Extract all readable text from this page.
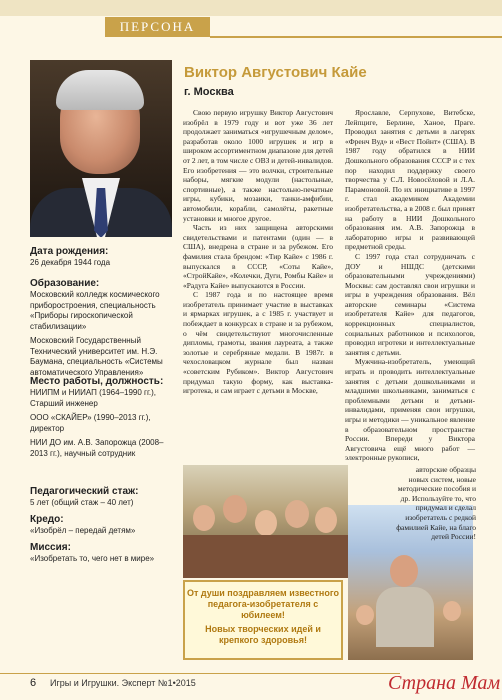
ПЕРСОНА
Виктор Августович Кайе
г. Москва
Дата рождения:
26 декабря 1944 года
Образование:
Московский колледж космического приборостроения, специальность «Приборы гироскопической стабилизации»
Московский Государственный Технический университет им. Н.Э. Баумана, специальность «Системы автоматического Управления»
Место работы, должность:
НИИПМ и НИИАП (1964–1990 гг.), Старший инженер
ООО «СКАЙЕР» (1990–2013 гг.), директор
НИИ ДО им. А.В. Запорожца (2008–2013 гг.), научный сотрудник
Педагогический стаж:
5 лет (общий стаж – 40 лет)
Кредо:
«Изобрёл – передай детям»
Миссия:
«Изобретать то, чего нет в мире»

Свою первую игрушку Виктор Августович изобрёл в 1979 году и вот уже 36 лет продолжает заниматься «игрушечным делом», разработав около 1000 игрушек и игр в широком ассортиментном диапазоне для детей от 2 лет, в том числе с ОВЗ и детей-инвалидов. Его изобретения — это волчки, строительные наборы, мягкие модули (настольные, спортивные), а также настольно-печатные игры, кубики, мозаики, танки-амфибии, автомобили, корабли, самолёты, ракетные установки и многое другое.

Часть из них защищена авторскими свидетельствами и патентами (один — в США), внедрена в стране и за рубежом. Его фамилия стала брендом: «Тир Кайе» с 1986 г. выпускался в СССР, «Соты Кайе», «СтройКайе», «Колечки, Дуги, Ромбы Кайе» и «Радуга Кайе» выпускаются в России.

С 1987 года и по настоящее время изобретатель принимает участие в выставках и ярмарках игрушек, а с 1985 г. участвует и побеждает в конкурсах в стране и за рубежом, о чём свидетельствуют многочисленные дипломы, грамоты, звания лауреата, а также золотые и серебряные медали. В 1987г. в чехословацком журнале был назван «советским Рубиком». Виктор Августович придумал такую форму, как выставка-игротека, и сам играет с детьми в Москве,

Ярославле, Серпухове, Витебске, Лейпциге, Берлине, Ханое, Праге. Проводил занятия с детьми в лагерях «Френч Вуд» и «Вест Пойнт» (США). В 1987 году обратился в НИИ Дошкольного образования СССР и с тех пор находил поддержку своего творчества у С.Л. Новосёловой и Л.А. Парамоновой. По их инициативе в 1997 г. стал академиком Академии изобретательства, а в 2008 г. был принят на работу в НИИ Дошкольного образования им. А.В. Запорожца в лабораторию игры и развивающей предметной среды.

С 1997 года стал сотрудничать с ДОУ и НШДС (детскими образовательными учреждениями) Москвы: сам доставлял свои игрушки и игры в учреждения образования. Вёл авторские семинары «Система изобретателя Кайе» для педагогов, коррекционных специалистов, социальных работников и психологов, проводил игротеки и интеллектуальные занятия с детьми.

Мужчина-изобретатель, умеющий играть и проводить интеллектуальные занятия с детьми дошкольниками и младшими школьниками, заниматься с проблемными детьми и детьми-инвалидами, применяя свои игрушки, игры и методики — уникальное явление в образовательном пространстве России. Впереди у Виктора Августовича ещё много работ — электронные рукописи,

авторские образцы новых систем, новые методические пособия и др. Используйте то, что придумал и сделал изобретатель с редкой фамилией Кайе, на благо детей России!

От души поздравляем известного педагога-изобретателя с юбилеем!
Новых творческих идей и крепкого здоровья!
6 Игры и Игрушки. Эксперт №1•2015	Страна Мам
